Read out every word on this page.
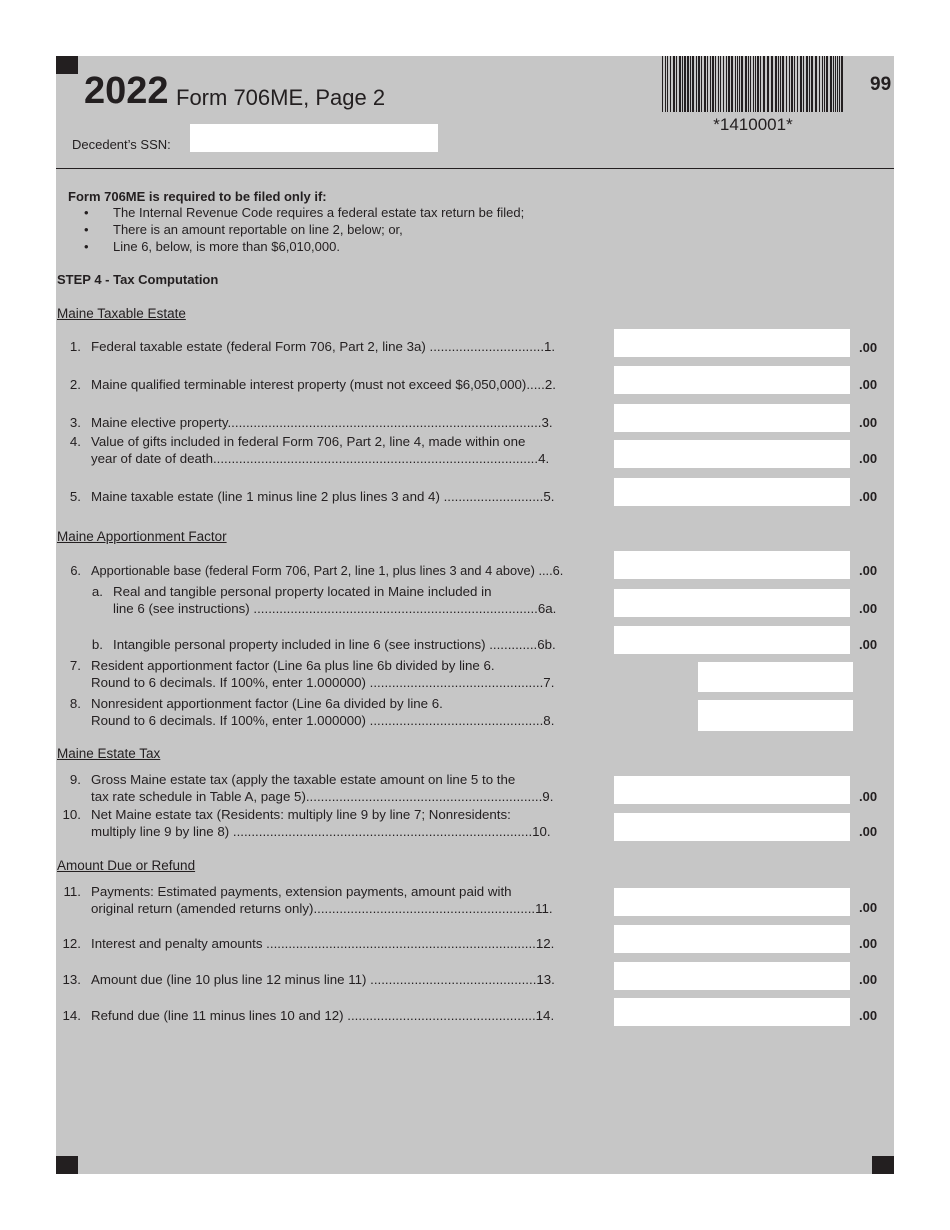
2022 Form 706ME, Page 2
Decedent’s SSN:
*1410001*
99
Form 706ME is required to be filed only if:
• The Internal Revenue Code requires a federal estate tax return be filed;
• There is an amount reportable on line 2, below; or,
• Line 6, below, is more than $6,010,000.
STEP 4 - Tax Computation
Maine Taxable Estate
1. Federal taxable estate (federal Form 706, Part 2, line 3a) ...............................1.	.00
2. Maine qualified terminable interest property (must not exceed $6,050,000).....2.	.00
3. Maine elective property.....................................................................................3.	.00
4. Value of gifts included in federal Form 706, Part 2, line 4, made within one
year of date of death........................................................................................4.	.00
5. Maine taxable estate (line 1 minus line 2 plus lines 3 and 4) ...........................5.	.00
Maine Apportionment Factor
6. Apportionable base (federal Form 706, Part 2, line 1, plus lines 3 and 4 above) ....6.	.00
a. Real and tangible personal property located in Maine included in
line 6 (see instructions) .............................................................................6a.	.00
b. Intangible personal property included in line 6 (see instructions) .............6b.	.00
7. Resident apportionment factor (Line 6a plus line 6b divided by line 6.
Round to 6 decimals. If 100%, enter 1.000000) ...............................................7.
8. Nonresident apportionment factor (Line 6a divided by line 6.
Round to 6 decimals. If 100%, enter 1.000000) ...............................................8.
Maine Estate Tax
9. Gross Maine estate tax (apply the taxable estate amount on line 5 to the
tax rate schedule in Table A, page 5)................................................................9.	.00
10. Net Maine estate tax (Residents: multiply line 9 by line 7; Nonresidents:
multiply line 9 by line 8) .................................................................................10.	.00
Amount Due or Refund
11. Payments: Estimated payments, extension payments, amount paid with
original return (amended returns only)............................................................11.	.00
12. Interest and penalty amounts .........................................................................12.	.00
13. Amount due (line 10 plus line 12 minus line 11) .............................................13.	.00
14. Refund due (line 11 minus lines 10 and 12) ...................................................14.	.00
